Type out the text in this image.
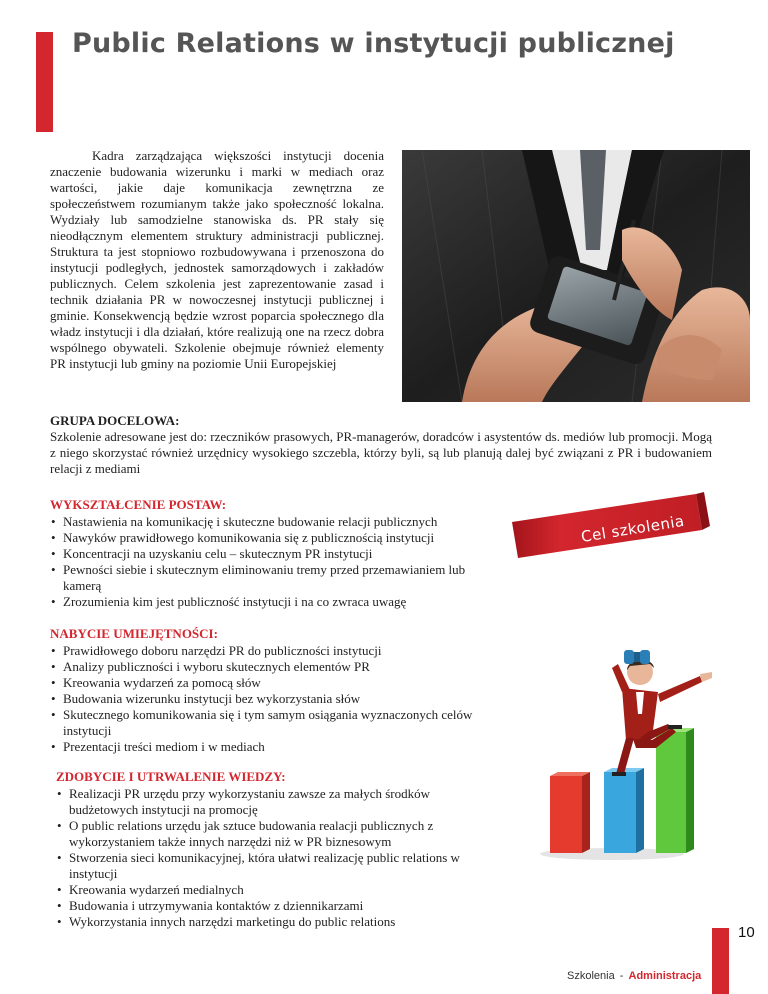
Public Relations w instytucji publicznej

Kadra zarządzająca większości instytucji docenia znaczenie budowania wizerunku i marki w mediach oraz wartości, jakie daje komunikacja zewnętrzna ze społeczeństwem rozumianym także jako społeczność lokalna. Wydziały lub samodzielne stanowiska ds. PR stały się nieodłącznym elementem struktury administracji publicznej. Struktura ta jest stopniowo rozbudowywana i przenoszona do instytucji podległych, jednostek samorządowych i zakładów publicznych. Celem szkolenia jest zaprezentowanie zasad i technik działania PR w nowoczesnej instytucji publicznej i gminie. Konsekwencją będzie wzrost poparcia społecznego dla władz instytucji i dla działań, które realizują one na rzecz dobra wspólnego obywateli. Szkolenie obejmuje również elementy PR instytucji lub gminy na poziomie Unii Europejskiej

GRUPA DOCELOWA:

Szkolenie adresowane jest do: rzeczników prasowych, PR-managerów, doradców i asystentów ds. mediów lub promocji. Mogą z niego skorzystać również urzędnicy wysokiego szczebla, którzy byli, są lub planują dalej być związani z PR i budowaniem relacji z mediami

Cel szkolenia
WYKSZTAŁCENIE POSTAW:
• Nastawienia na komunikację i skuteczne budowanie relacji publicznych
• Nawyków prawidłowego komunikowania się z publicznością instytucji
• Koncentracji na uzyskaniu celu – skutecznym PR instytucji
• Pewności siebie i skutecznym eliminowaniu tremy przed przemawianiem lub kamerą
• Zrozumienia kim jest publiczność instytucji i na co zwraca uwagę
NABYCIE UMIEJĘTNOŚCI:
• Prawidłowego doboru narzędzi PR do publiczności instytucji
• Analizy publiczności i wyboru skutecznych elementów PR
• Kreowania wydarzeń za pomocą słów
• Budowania wizerunku instytucji bez wykorzystania słów
• Skutecznego komunikowania się i tym samym osiągania wyznaczonych celów instytucji
• Prezentacji treści mediom i w mediach
ZDOBYCIE I UTRWALENIE WIEDZY:
• Realizacji PR urzędu przy wykorzystaniu zawsze za małych środków budżetowych instytucji na promocję
• O public relations urzędu jak sztuce budowania realacji publicznych z wykorzystaniem także innych narzędzi niż w PR biznesowym
• Stworzenia sieci komunikacyjnej, która ułatwi realizację public relations w instytucji
• Kreowania wydarzeń medialnych
• Budowania i utrzymywania kontaktów z dziennikarzami
• Wykorzystania innych narzędzi marketingu do public relations
10
Szkolenia - Administracja
